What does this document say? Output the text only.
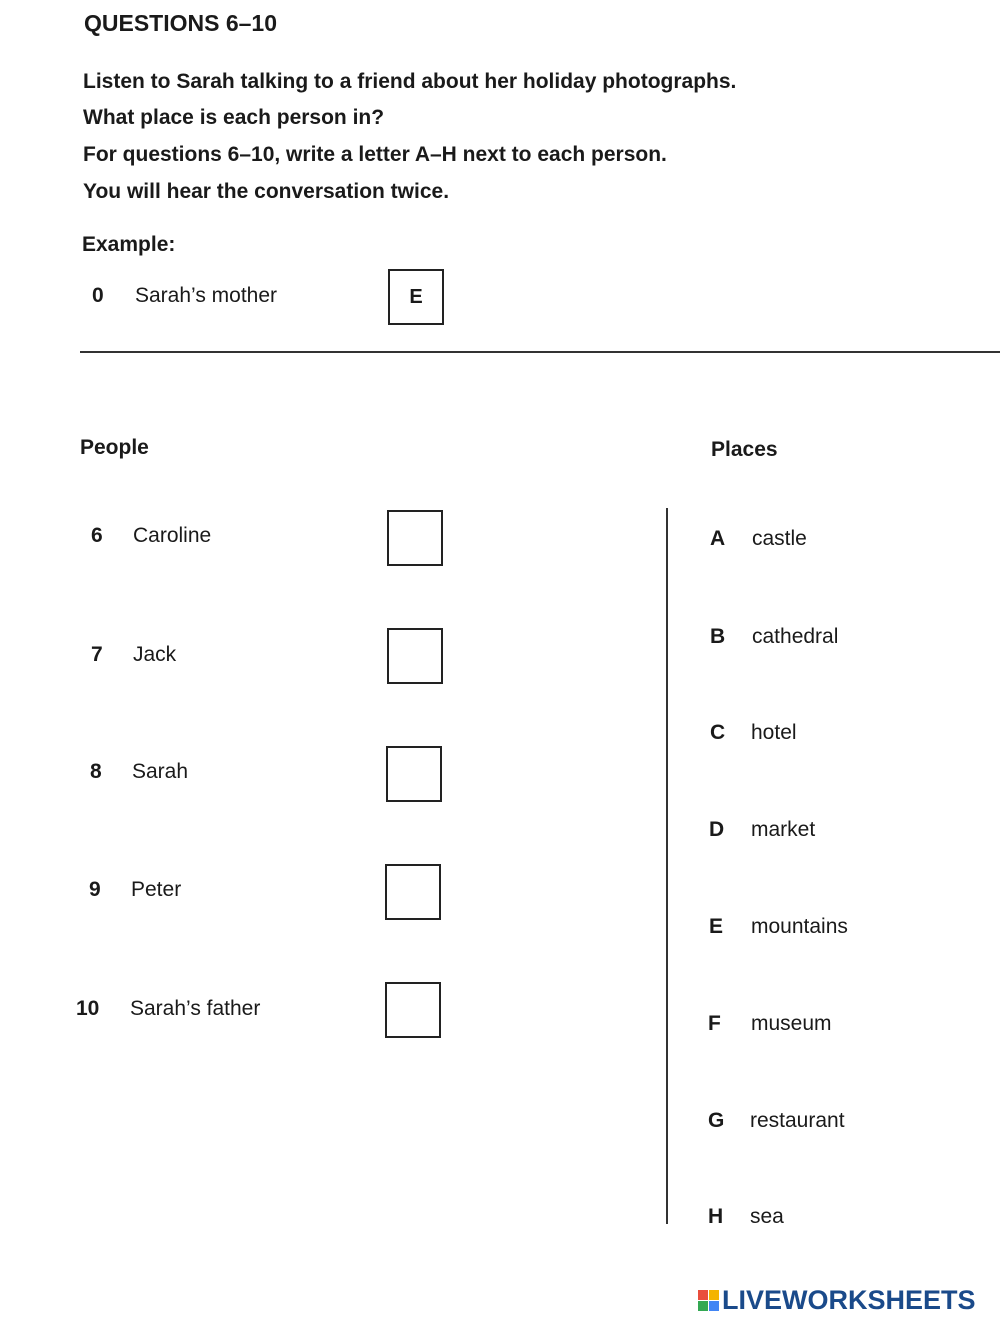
QUESTIONS 6–10
Listen to Sarah talking to a friend about her holiday photographs.
What place is each person in?
For questions 6–10, write a letter A–H next to each person.
You will hear the conversation twice.
Example:
0 Sarah’s mother	E
People	Places
6 Caroline
7 Jack
8 Sarah
9 Peter
10 Sarah’s father
A castle
B cathedral
C hotel
D market
E mountains
F museum
G restaurant
H sea
LIVEWORKSHEETS
